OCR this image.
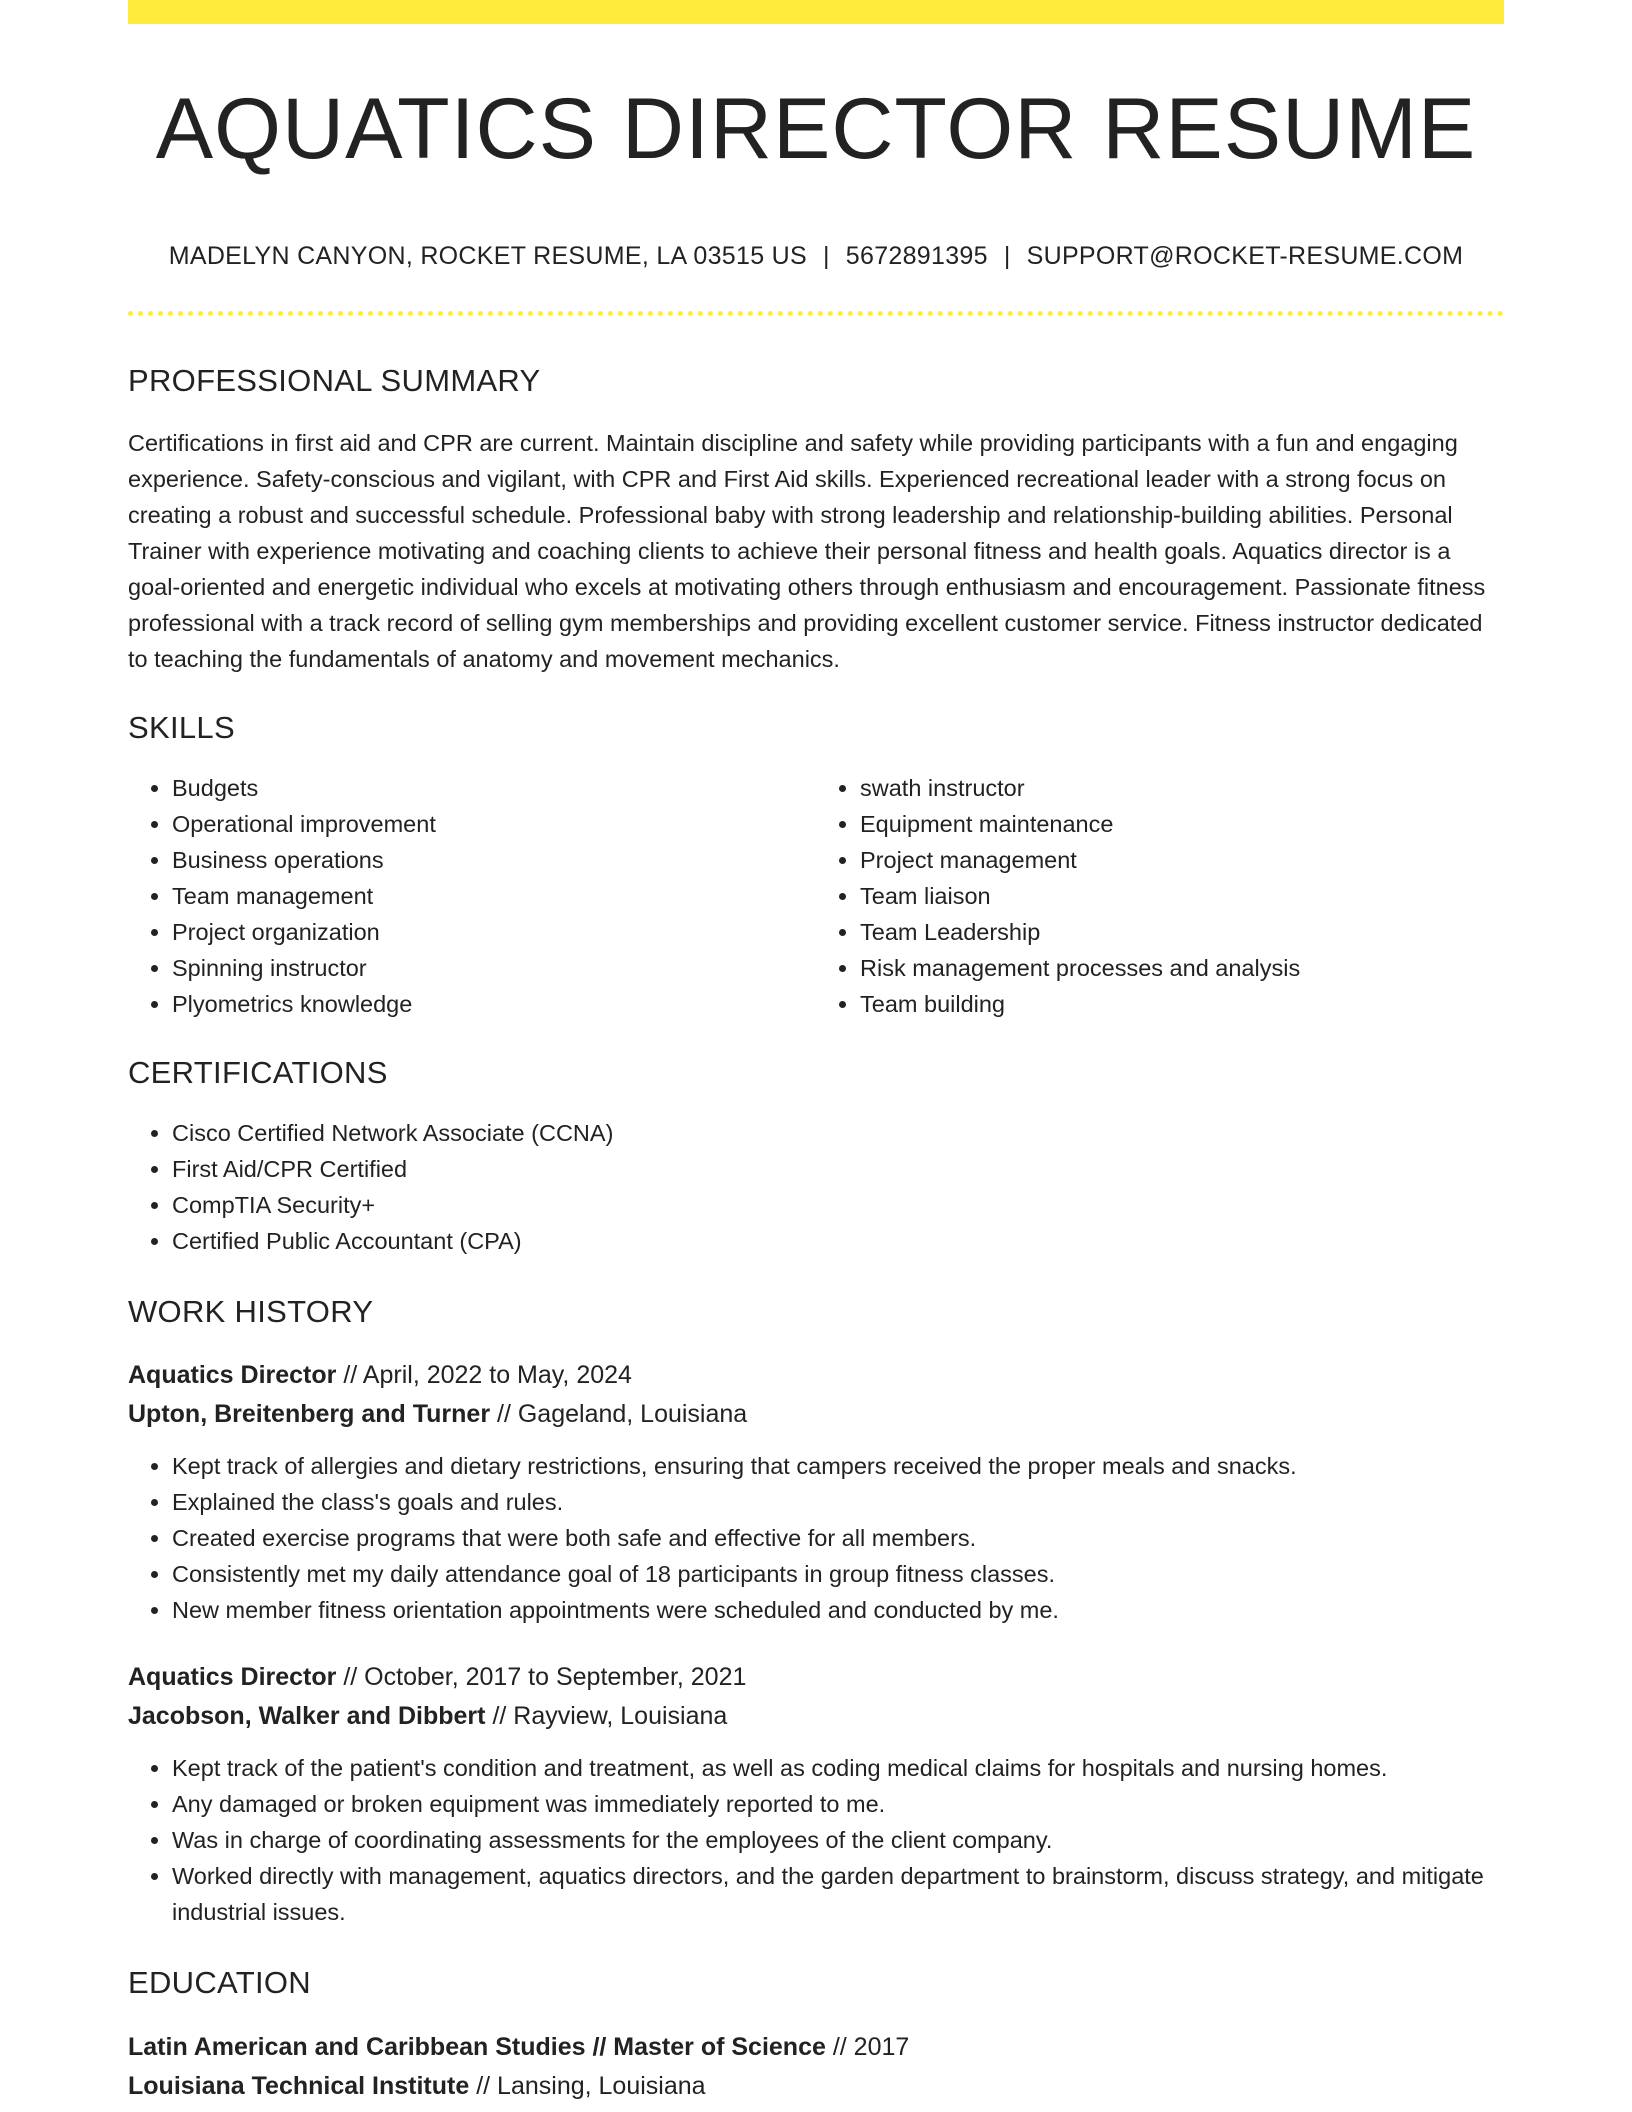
AQUATICS DIRECTOR RESUME
MADELYN CANYON, ROCKET RESUME, LA 03515 US | 5672891395 | SUPPORT@ROCKET-RESUME.COM
PROFESSIONAL SUMMARY
Certifications in first aid and CPR are current. Maintain discipline and safety while providing participants with a fun and engaging experience. Safety-conscious and vigilant, with CPR and First Aid skills. Experienced recreational leader with a strong focus on creating a robust and successful schedule. Professional baby with strong leadership and relationship-building abilities. Personal Trainer with experience motivating and coaching clients to achieve their personal fitness and health goals. Aquatics director is a goal-oriented and energetic individual who excels at motivating others through enthusiasm and encouragement. Passionate fitness professional with a track record of selling gym memberships and providing excellent customer service. Fitness instructor dedicated to teaching the fundamentals of anatomy and movement mechanics.
SKILLS
• Budgets
• Operational improvement
• Business operations
• Team management
• Project organization
• Spinning instructor
• Plyometrics knowledge
• swath instructor
• Equipment maintenance
• Project management
• Team liaison
• Team Leadership
• Risk management processes and analysis
• Team building
CERTIFICATIONS
• Cisco Certified Network Associate (CCNA)
• First Aid/CPR Certified
• CompTIA Security+
• Certified Public Accountant (CPA)
WORK HISTORY
Aquatics Director // April, 2022 to May, 2024
Upton, Breitenberg and Turner // Gageland, Louisiana
• Kept track of allergies and dietary restrictions, ensuring that campers received the proper meals and snacks.
• Explained the class's goals and rules.
• Created exercise programs that were both safe and effective for all members.
• Consistently met my daily attendance goal of 18 participants in group fitness classes.
• New member fitness orientation appointments were scheduled and conducted by me.
Aquatics Director // October, 2017 to September, 2021
Jacobson, Walker and Dibbert // Rayview, Louisiana
• Kept track of the patient's condition and treatment, as well as coding medical claims for hospitals and nursing homes.
• Any damaged or broken equipment was immediately reported to me.
• Was in charge of coordinating assessments for the employees of the client company.
• Worked directly with management, aquatics directors, and the garden department to brainstorm, discuss strategy, and mitigate industrial issues.
EDUCATION
Latin American and Caribbean Studies // Master of Science // 2017
Louisiana Technical Institute // Lansing, Louisiana
